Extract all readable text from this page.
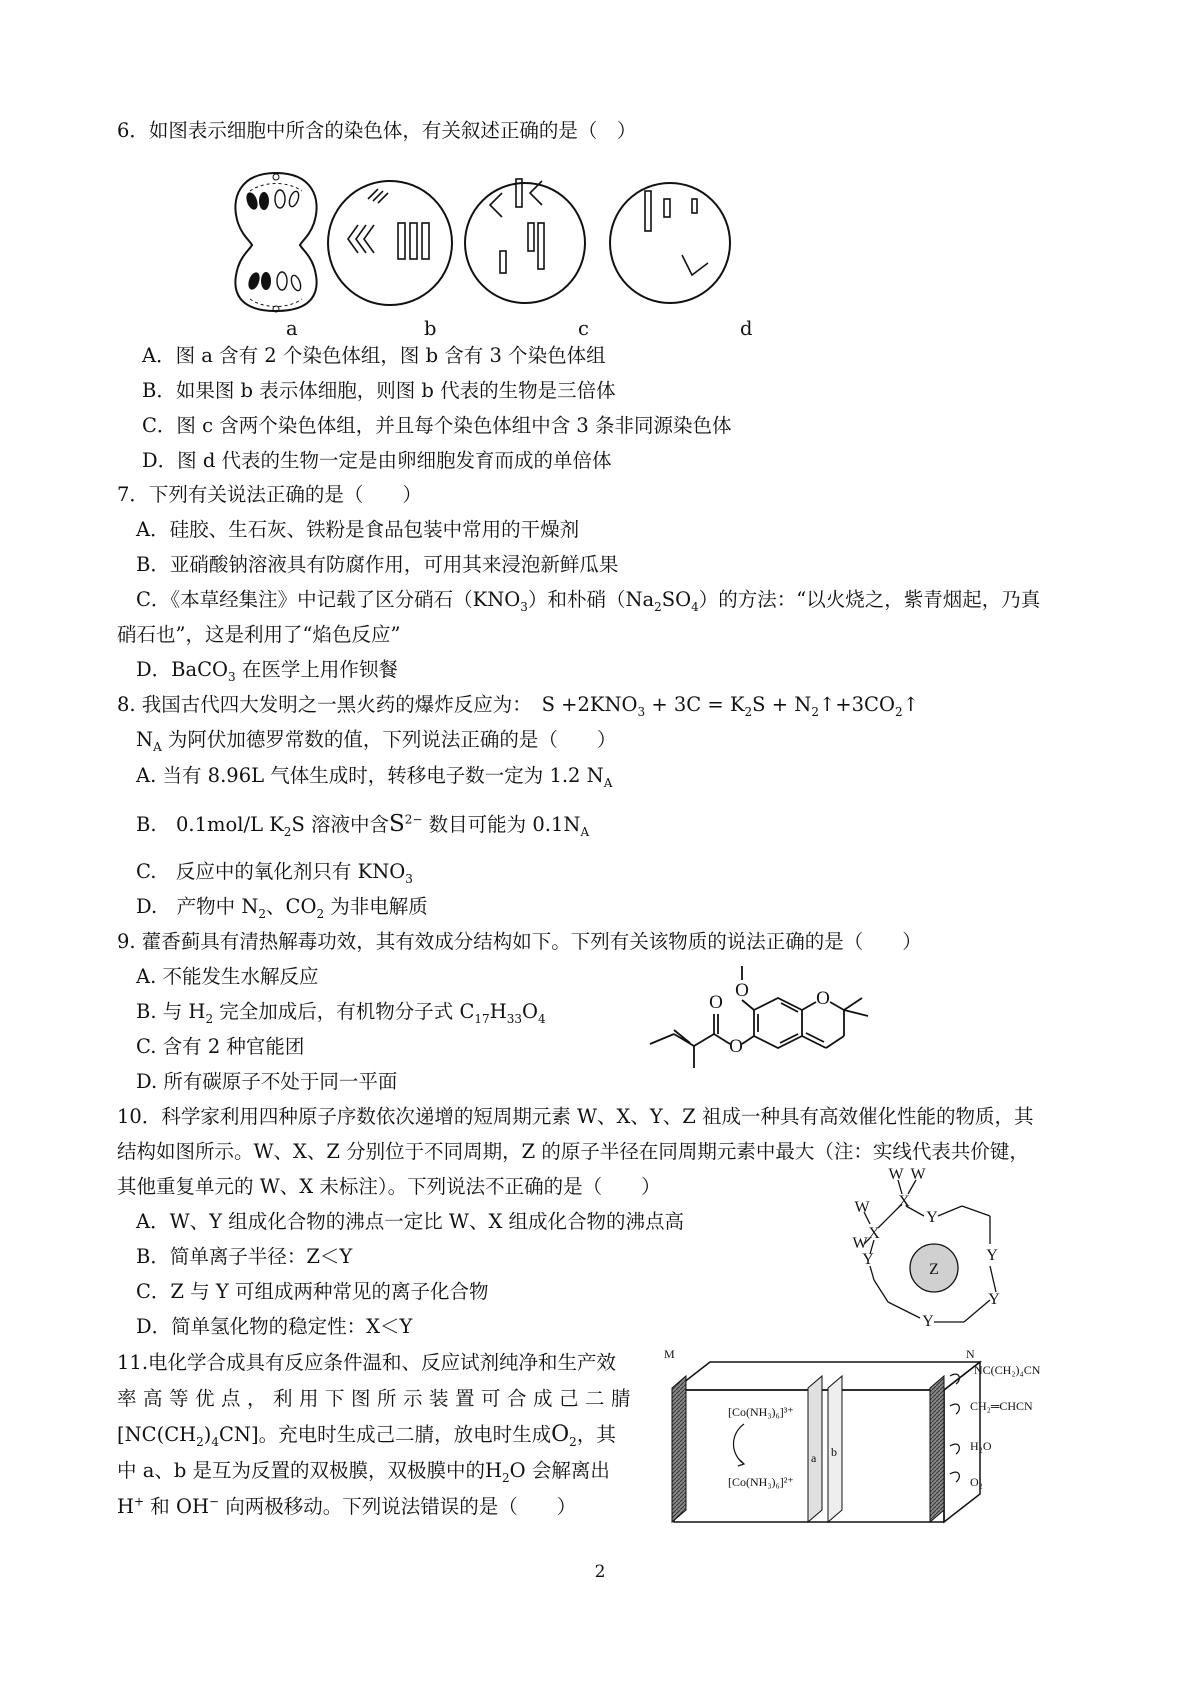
6．如图表示细胞中所含的染色体，有关叙述正确的是（　）
a	b	c	d
A．图 a 含有 2 个染色体组，图 b 含有 3 个染色体组
B．如果图 b 表示体细胞，则图 b 代表的生物是三倍体
C．图 c 含两个染色体组，并且每个染色体组中含 3 条非同源染色体
D．图 d 代表的生物一定是由卵细胞发育而成的单倍体
7．下列有关说法正确的是（　　）
A．硅胶、生石灰、铁粉是食品包装中常用的干燥剂
B．亚硝酸钠溶液具有防腐作用，可用其来浸泡新鲜瓜果
C．《本草经集注》中记载了区分硝石$(KNO_3)$和朴硝$(Na_2SO_4)$的方法：“以火烧之，紫青烟起，乃真
硝石也”，这是利用了“焰色反应”
D．BaCO$_3$ 在医学上用作钡餐
8. 我国古代四大发明之一黑火药的爆炸反应为：　 $S +2KNO_3 + 3C = K_2S$ + $N_2↑+3CO_2↑$
$N_A$ 为阿伏加德罗常数的值，下列说法正确的是（　　）
A. 当有 8.96L 气体生成时，转移电子数一定为 1.2 $N_A$
B.　0.1mol/L $K_2S$ 溶液中含$S^{2-}$ 数目可能为 $0.1N_A$
C.　反应中的氧化剂只有 $KNO_3$
D.　产物中 $N_2$、$CO_2$ 为非电解质
9. 藿香蓟具有清热解毒功效，其有效成分结构如下。下列有关该物质的说法正确的是（　　）
A. 不能发生水解反应
B. 与 $H_2$ 完全加成后，有机物分子式 $C_{17}H_{33}O_4$
C. 含有 2 种官能团
D. 所有碳原子不处于同一平面
O	O
O
O
10．科学家利用四种原子序数依次递增的短周期元素 W、X、Y、Z 祖成一种具有高效催化性能的物质，其
结构如图所示。W、X、Z 分别位于不同周期，Z 的原子半径在同周期元素中最大（注：实线代表共价键，
其他重复单元的 W、X 未标注）。下列说法不正确的是（　　）
A．W、Y 组成化合物的沸点一定比 W、X 组成化合物的沸点高
B．简单离子半径：Z＜Y
C．Z 与 Y 可组成两种常见的离子化合物
D．简单氢化物的稳定性：X＜Y
W W
X
W
W
X
Y
Y	Y
Y
Y
Z
11.电化学合成具有反应条件温和、反应试剂纯净和生产效
率高等优点，利用下图所示装置可合成己二腈
$[NC(CH_2)_4CN]$。充电时生成己二腈，放电时生成$O_2$，其
中 a、b 是互为反置的双极膜，双极膜中的$H_2O$ 会解离出
H+ 和 OH− 向两极移动。下列说法错误的是（　　）
M	N
[Co(NH₃)₆]³⁺
[Co(NH₃)₆]²⁺
a b
NC(CH₂)₄CN
CH₂═CHCN
H₂O
O₂
2
